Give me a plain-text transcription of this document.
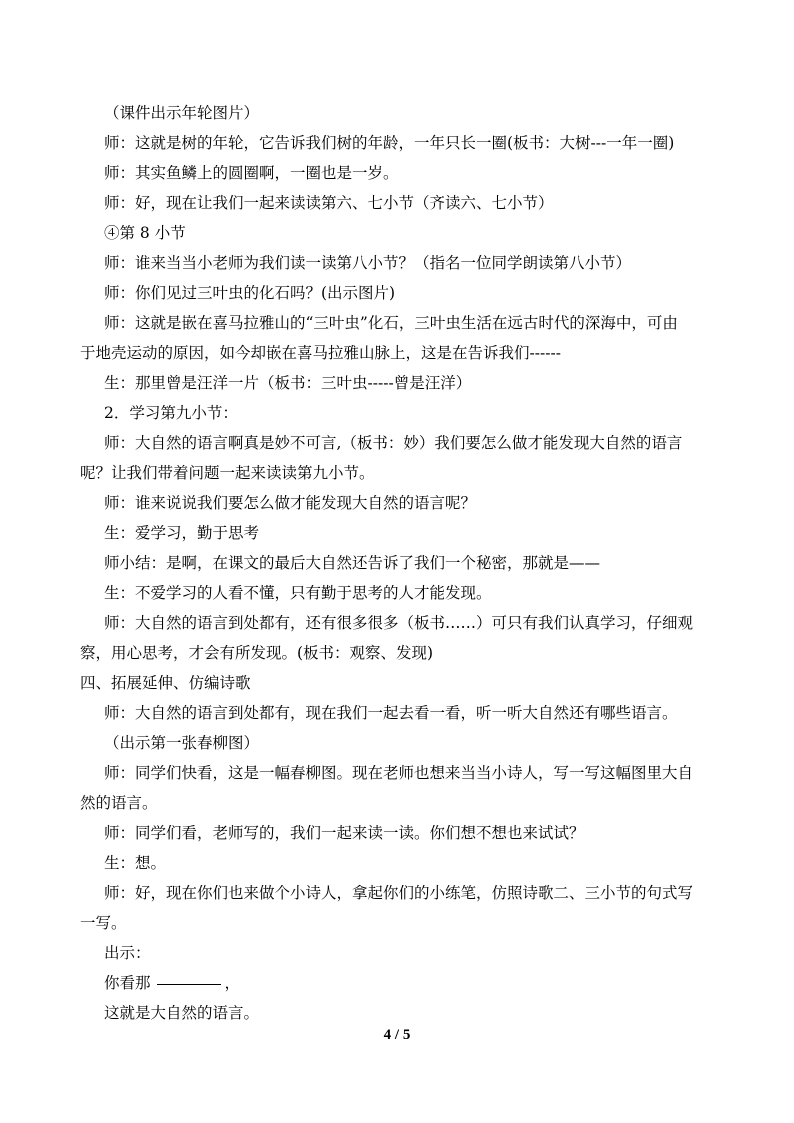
（课件出示年轮图片）

师：这就是树的年轮，它告诉我们树的年龄，一年只长一圈(板书：大树---一年一圈)

师：其实鱼鳞上的圆圈啊，一圈也是一岁。

师：好，现在让我们一起来读读第六、七小节（齐读六、七小节）

④第 8 小节

师：谁来当当小老师为我们读一读第八小节？（指名一位同学朗读第八小节）

师：你们见过三叶虫的化石吗？(出示图片)

师：这就是嵌在喜马拉雅山的“三叶虫”化石，三叶虫生活在远古时代的深海中，可由

于地壳运动的原因，如今却嵌在喜马拉雅山脉上，这是在告诉我们------

生：那里曾是汪洋一片（板书：三叶虫-----曾是汪洋）

2．学习第九小节：

师：大自然的语言啊真是妙不可言,（板书：妙）我们要怎么做才能发现大自然的语言

呢？让我们带着问题一起来读读第九小节。

师：谁来说说我们要怎么做才能发现大自然的语言呢？

生：爱学习，勤于思考

师小结：是啊，在课文的最后大自然还告诉了我们一个秘密，那就是——

生：不爱学习的人看不懂，只有勤于思考的人才能发现。

师：大自然的语言到处都有，还有很多很多（板书……）可只有我们认真学习，仔细观

察，用心思考，才会有所发现。(板书：观察、发现)

四、拓展延伸、仿编诗歌

师：大自然的语言到处都有，现在我们一起去看一看，听一听大自然还有哪些语言。

（出示第一张春柳图）

师：同学们快看，这是一幅春柳图。现在老师也想来当当小诗人，写一写这幅图里大自

然的语言。

师：同学们看，老师写的，我们一起来读一读。你们想不想也来试试？

生：想。

师：好，现在你们也来做个小诗人，拿起你们的小练笔，仿照诗歌二、三小节的句式写

一写。

出示：

你看那	，

这就是大自然的语言。

4 / 5
